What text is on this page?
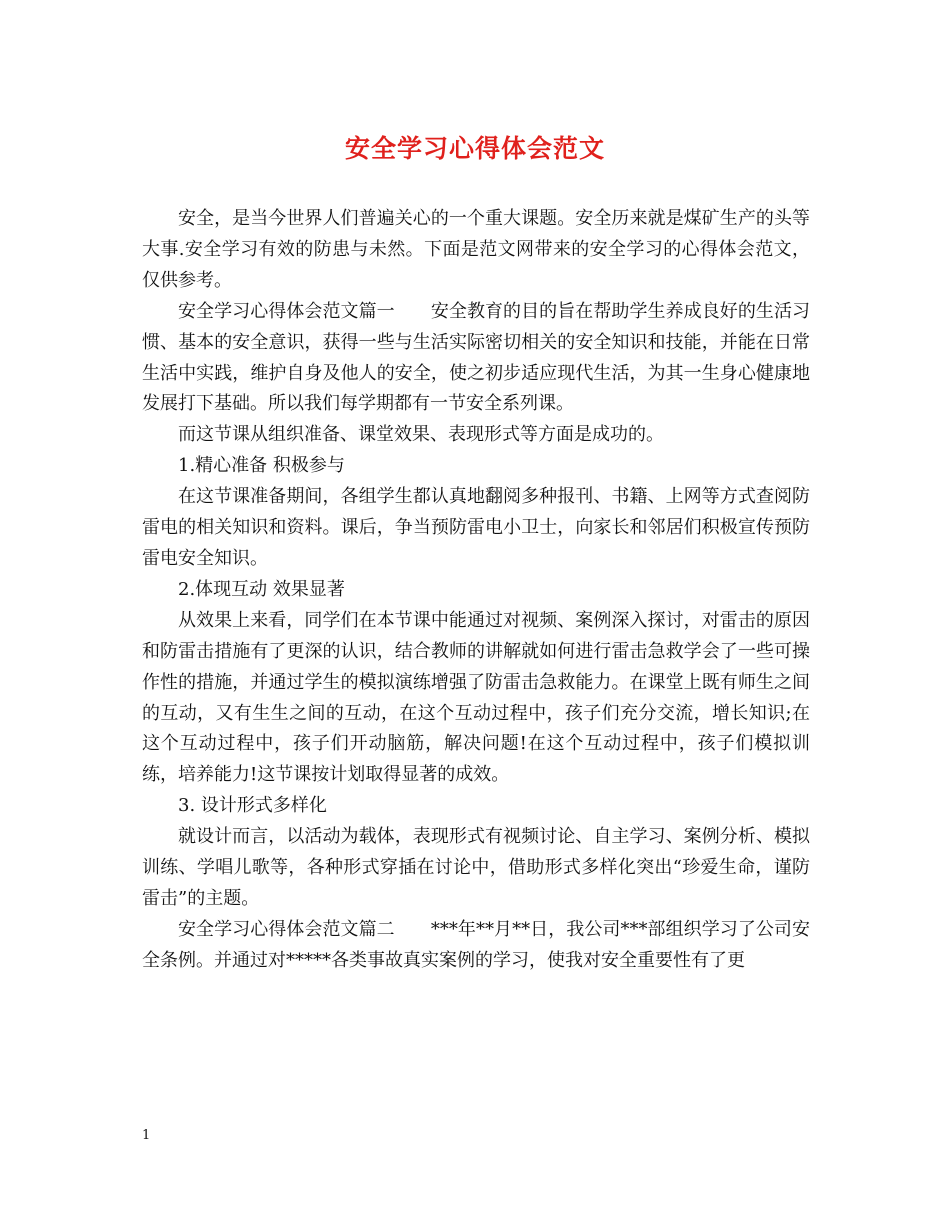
安全学习心得体会范文

安全，是当今世界人们普遍关心的一个重大课题。安全历来就是煤矿生产的头等大事.安全学习有效的防患与未然。下面是范文网带来的安全学习的心得体会范文，仅供参考。

安全学习心得体会范文篇一　　安全教育的目的旨在帮助学生养成良好的生活习惯、基本的安全意识，获得一些与生活实际密切相关的安全知识和技能，并能在日常生活中实践，维护自身及他人的安全，使之初步适应现代生活，为其一生身心健康地发展打下基础。所以我们每学期都有一节安全系列课。

而这节课从组织准备、课堂效果、表现形式等方面是成功的。

1.精心准备 积极参与

在这节课准备期间，各组学生都认真地翻阅多种报刊、书籍、上网等方式查阅防雷电的相关知识和资料。课后，争当预防雷电小卫士，向家长和邻居们积极宣传预防雷电安全知识。

2.体现互动 效果显著

从效果上来看，同学们在本节课中能通过对视频、案例深入探讨，对雷击的原因和防雷击措施有了更深的认识，结合教师的讲解就如何进行雷击急救学会了一些可操作性的措施，并通过学生的模拟演练增强了防雷击急救能力。在课堂上既有师生之间的互动，又有生生之间的互动，在这个互动过程中，孩子们充分交流，增长知识;在这个互动过程中，孩子们开动脑筋，解决问题!在这个互动过程中，孩子们模拟训练，培养能力!这节课按计划取得显著的成效。

3. 设计形式多样化

就设计而言，以活动为载体，表现形式有视频讨论、自主学习、案例分析、模拟训练、学唱儿歌等，各种形式穿插在讨论中，借助形式多样化突出“珍爱生命，谨防雷击”的主题。

安全学习心得体会范文篇二　　***年**月**日，我公司***部组织学习了公司安全条例。并通过对*****各类事故真实案例的学习，使我对安全重要性有了更

1
